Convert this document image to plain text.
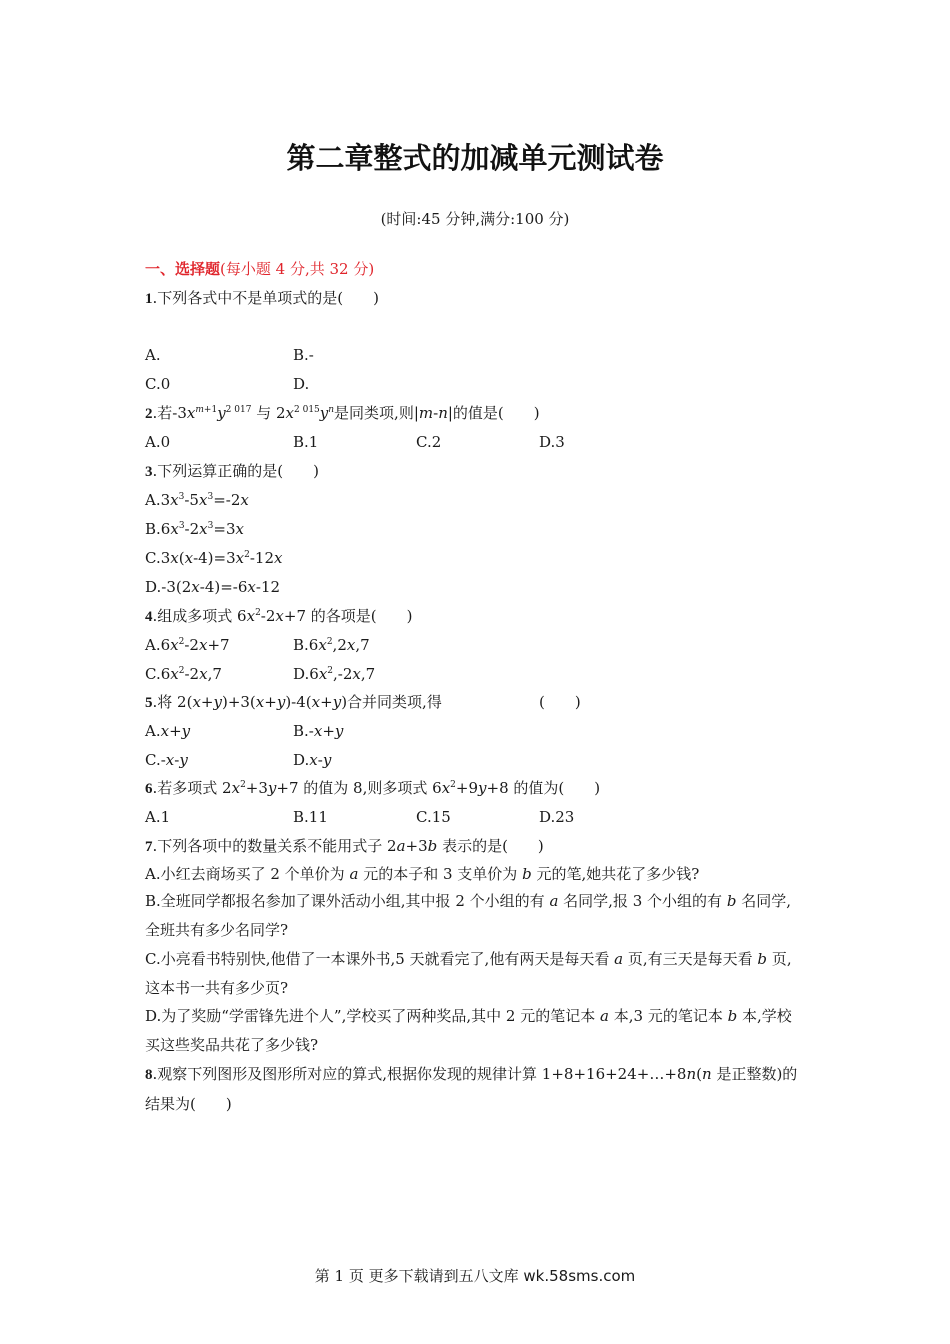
第二章整式的加减单元测试卷
(时间:45 分钟,满分:100 分)
一、选择题(每小题 4 分,共 32 分)
1.下列各式中不是单项式的是(　　)
A.	B.-
C.0	D.
2.若$-3x^{m+1}y^{2 017}$ 与 $2x^{2 015}y^n$是同类项,则|m-n|的值是(　　)
A.0	B.1	C.2	D.3
3.下列运算正确的是(　　)
$A.3x^3-5x^3=-2x$
$B.6x^3-2x^3=3x$
$C.3x(x-4)=3x^2-12x$
D.-3(2x-4)=-6x-12
4.组成多项式 $6x^2-2x+7$ 的各项是(　　)
$A.6x^2-2x+7$	$B.6x^2,2x,7$
$C.6x^2-2x,7$	$D.6x^2,-2x,7$
5.将 2(x+y)+3(x+y)-4(x+y)合并同类项,得	(　　)
A.x+y	B.-x+y
C.-x-y	D.x-y
6.若多项式 $2x^2+3y+7$ 的值为 8,则多项式 $6x^2+9y+8$ 的值为(　　)
A.1	B.11	C.15	D.23
7.下列各项中的数量关系不能用式子 2a+3b 表示的是(　　)
A.小红去商场买了 2 个单价为 a 元的本子和 3 支单价为 b 元的笔,她共花了多少钱?
B.全班同学都报名参加了课外活动小组,其中报 2 个小组的有 a 名同学,报 3 个小组的有 b 名同学,全班共有多少名同学?
C.小亮看书特别快,他借了一本课外书,5 天就看完了,他有两天是每天看 a 页,有三天是每天看 b 页,这本书一共有多少页?
D.为了奖励“学雷锋先进个人”,学校买了两种奖品,其中 2 元的笔记本 a 本,3 元的笔记本 b 本,学校买这些奖品共花了多少钱?
8.观察下列图形及图形所对应的算式,根据你发现的规律计算 1+8+16+24+…+8n(n 是正整数)的结果为(　　)
第 1 页 更多下载请到五八文库 wk.58sms.com
